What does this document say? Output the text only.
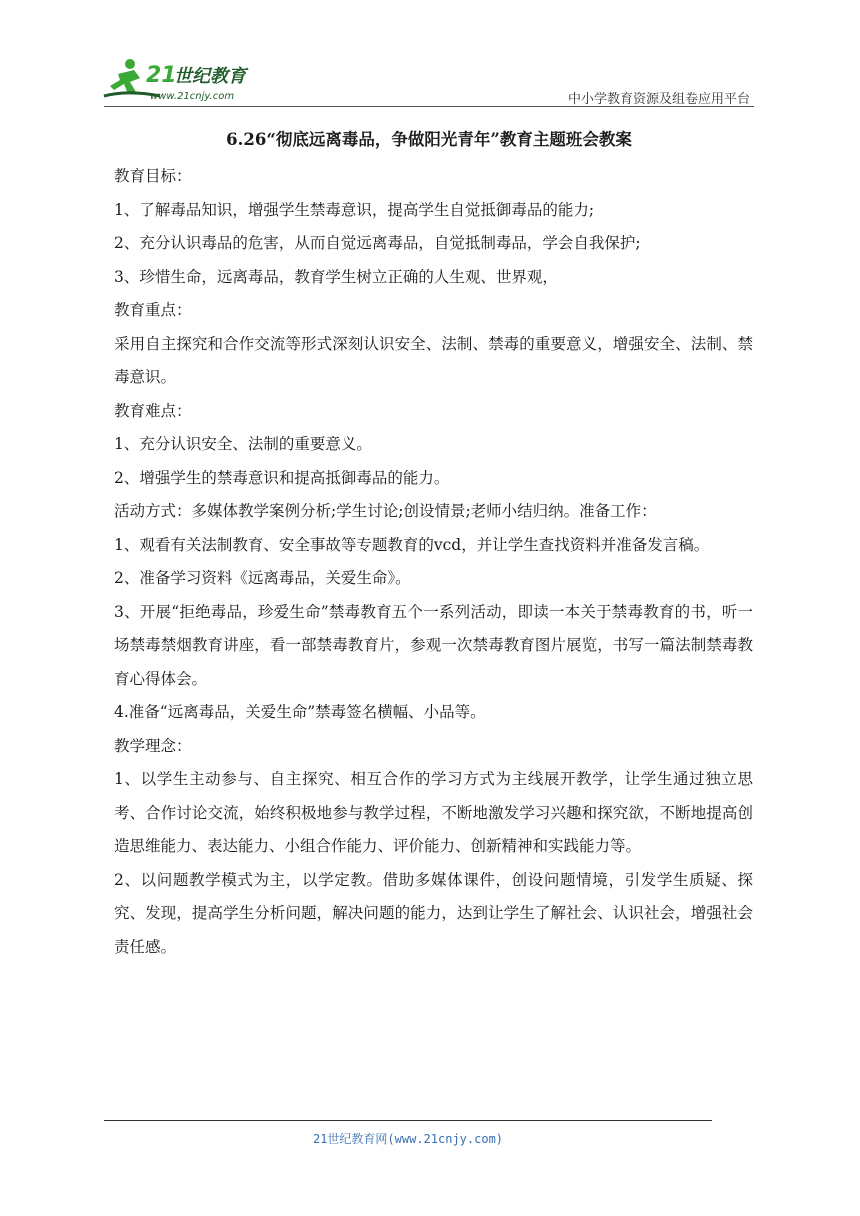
21
世纪教育
www.21cnjy.com	中小学教育资源及组卷应用平台
6.26“彻底远离毒品，争做阳光青年”教育主题班会教案

教育目标：

1、了解毒品知识，增强学生禁毒意识，提高学生自觉抵御毒品的能力;

2、充分认识毒品的危害，从而自觉远离毒品，自觉抵制毒品，学会自我保护;

3、珍惜生命，远离毒品，教育学生树立正确的人生观、世界观，

教育重点：

采用自主探究和合作交流等形式深刻认识安全、法制、禁毒的重要意义，增强安全、法制、禁毒意识。

教育难点：

1、充分认识安全、法制的重要意义。

2、增强学生的禁毒意识和提高抵御毒品的能力。

活动方式：多媒体教学案例分析;学生讨论;创设情景;老师小结归纳。准备工作：

1、观看有关法制教育、安全事故等专题教育的vcd，并让学生查找资料并准备发言稿。

2、准备学习资料《远离毒品，关爱生命》。

3、开展“拒绝毒品，珍爱生命”禁毒教育五个一系列活动，即读一本关于禁毒教育的书，听一场禁毒禁烟教育讲座，看一部禁毒教育片，参观一次禁毒教育图片展览，书写一篇法制禁毒教育心得体会。

4.准备“远离毒品，关爱生命”禁毒签名横幅、小品等。

教学理念：

1、以学生主动参与、自主探究、相互合作的学习方式为主线展开教学，让学生通过独立思考、合作讨论交流，始终积极地参与教学过程，不断地激发学习兴趣和探究欲，不断地提高创造思维能力、表达能力、小组合作能力、评价能力、创新精神和实践能力等。

2、以问题教学模式为主，以学定教。借助多媒体课件，创设问题情境，引发学生质疑、探究、发现，提高学生分析问题，解决问题的能力，达到让学生了解社会、认识社会，增强社会责任感。

21世纪教育网(www.21cnjy.com)
